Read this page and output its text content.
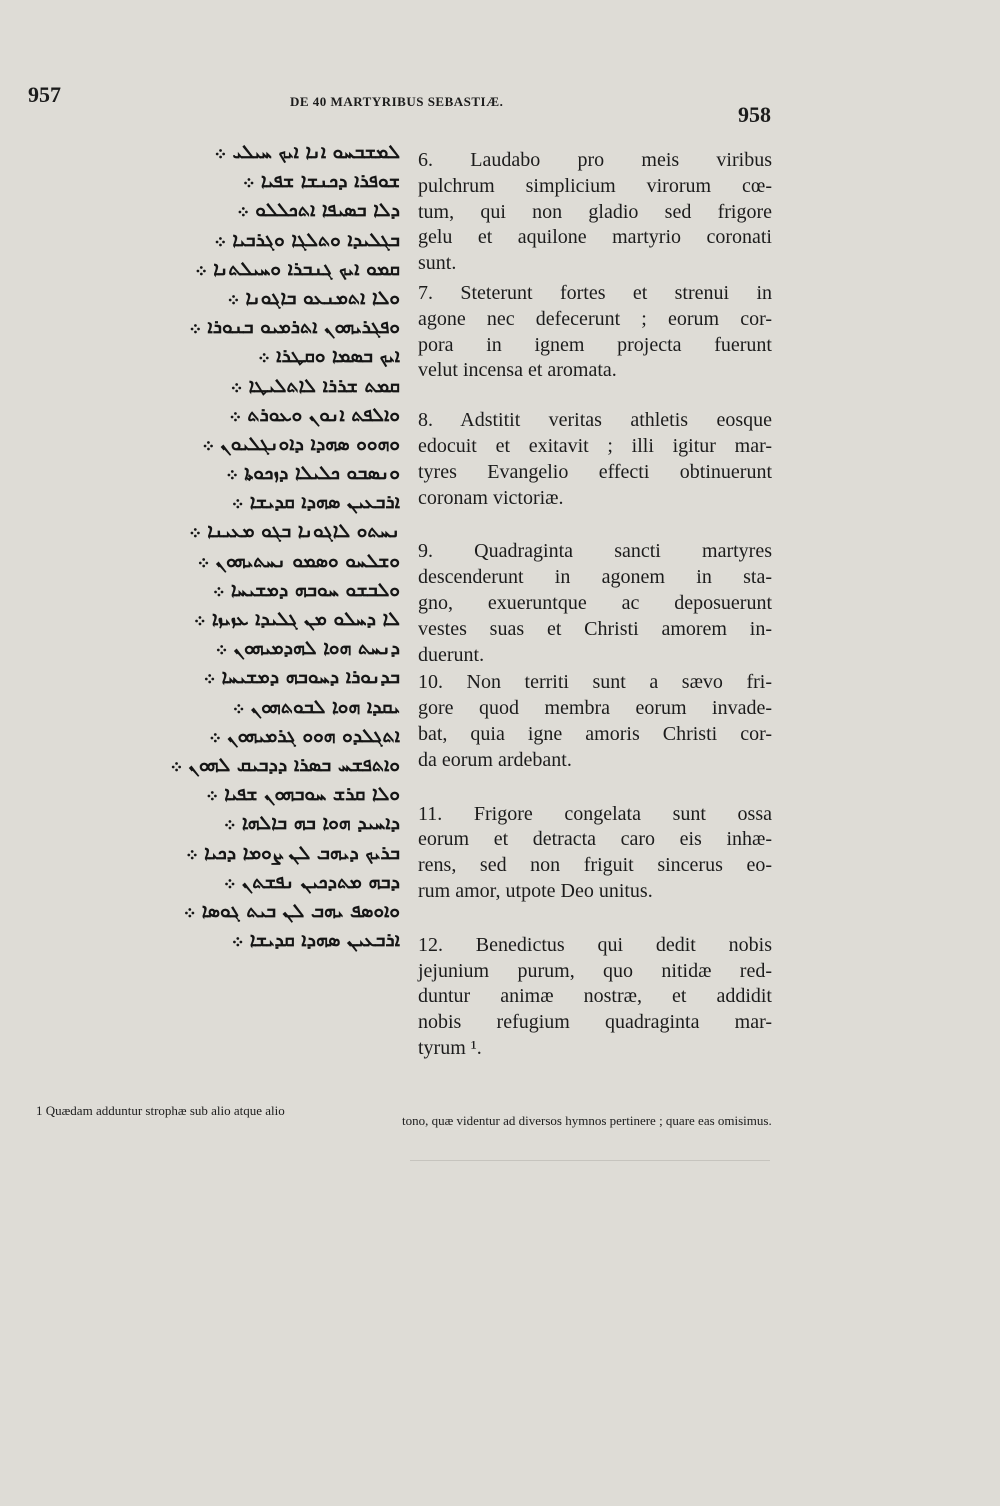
957	DE 40 MARTYRIBUS SEBASTIÆ.
958
ܠܡܫܒܚܘ ܐܢܐ ܐܝܟ ܚܝܠܝ ܀
ܫܘܦܪܐ ܕܟܢܫܐ ܫܦܝܐ ܀
ܕܠܐ ܒܣܝܦܐ ܐܬܟܠܠܘ ܀
ܒܓܠܝܕܐ ܘܬܠܓܐ ܘܓܪܒܝܐ ܀
ܩܡܘ ܐܝܟ ܓܢܒܪܐ ܘܚܝܠܬܢܐ ܀
ܘܠܐ ܐܬܡܢܥܘ ܒܐܓܘܢܐ ܀
ܘܦܓܪܝܗܘܢ ܐܬܪܡܝܘ ܒܢܘܪܐ ܀
ܐܝܟ ܒܣܡܐ ܘܩܛܪܐ ܀
ܩܡܬ ܫܪܪܐ ܠܐܬܠܝܛܐ ܀
ܘܐܠܦܬ ܐܢܘܢ ܘܥܘܪܬ ܀
ܘܗܘܘ ܣܗܕܐ ܕܐܘܢܓܠܝܘܢ ܀
ܘܢܣܒܘ ܟܠܝܠܐ ܕܙܟܘܬܐ ܀
ܐܪܒܥܝܢ ܣܗܕܐ ܩܕܝܫܐ ܀
ܢܚܬܘ ܠܐܓܘܢܐ ܒܓܘ ܡܥܝܢܐ ܀
ܘܫܠܚܘ ܘܣܡܘ ܢܚܬܝܗܘܢ ܀
ܘܠܒܫܘ ܚܘܒܗ ܕܡܫܝܚܐ ܀
ܠܐ ܕܚܠܘ ܡܢ ܓܠܝܕܐ ܥܙܝܙܐ ܀
ܕܢܚܬ ܗܘܐ ܠܗܕܡܝܗܘܢ ܀
ܒܕܢܘܪܐ ܕܚܘܒܗ ܕܡܫܝܚܐ ܀
ܝܩܕܐ ܗܘܐ ܠܒܘܬܗܘܢ ܀
ܐܬܓܠܕܘ ܗܘܘ ܓܪܡܝܗܘܢ ܀
ܘܐܬܦܫܚ ܒܣܪܐ ܕܕܒܝܩ ܠܗܘܢ ܀
ܘܠܐ ܩܪܫ ܚܘܒܗܘܢ ܫܦܝܐ ܀
ܕܐܚܝܕ ܗܘܐ ܒܗ ܒܐܠܗܐ ܀
ܒܪܝܟ ܕܝܗܒ ܠܢ ܨܘܡܐ ܕܟܝܐ ܀
ܕܒܗ ܡܬܕܟܝܢ ܢܦܫܬܢ ܀
ܘܐܘܣܦ ܝܗܒ ܠܢ ܒܝܬ ܓܘܣܐ ܀
ܐܪܒܥܝܢ ܣܗܕܐ ܩܕܝܫܐ ܀
6. Laudabo pro meis viribus
pulchrum simplicium virorum cœ-
tum, qui non gladio sed frigore
gelu et aquilone martyrio coronati
sunt.
7. Steterunt fortes et strenui in
agone nec defecerunt ; eorum cor-
pora in ignem projecta fuerunt
velut incensa et aromata.
8. Adstitit veritas athletis eosque
edocuit et exitavit ; illi igitur mar-
tyres Evangelio effecti obtinuerunt
coronam victoriæ.
9. Quadraginta sancti martyres
descenderunt in agonem in sta-
gno, exueruntque ac deposuerunt
vestes suas et Christi amorem in-
duerunt.
10. Non territi sunt a sævo fri-
gore quod membra eorum invade-
bat, quia igne amoris Christi cor-
da eorum ardebant.
11. Frigore congelata sunt ossa
eorum et detracta caro eis inhæ-
rens, sed non friguit sincerus eo-
rum amor, utpote Deo unitus.
12. Benedictus qui dedit nobis
jejunium purum, quo nitidæ red-
duntur animæ nostræ, et addidit
nobis refugium quadraginta mar-
tyrum ¹.
1 Quædam adduntur strophæ sub alio atque alio
tono, quæ videntur ad diversos hymnos pertinere ; quare eas omisimus.
